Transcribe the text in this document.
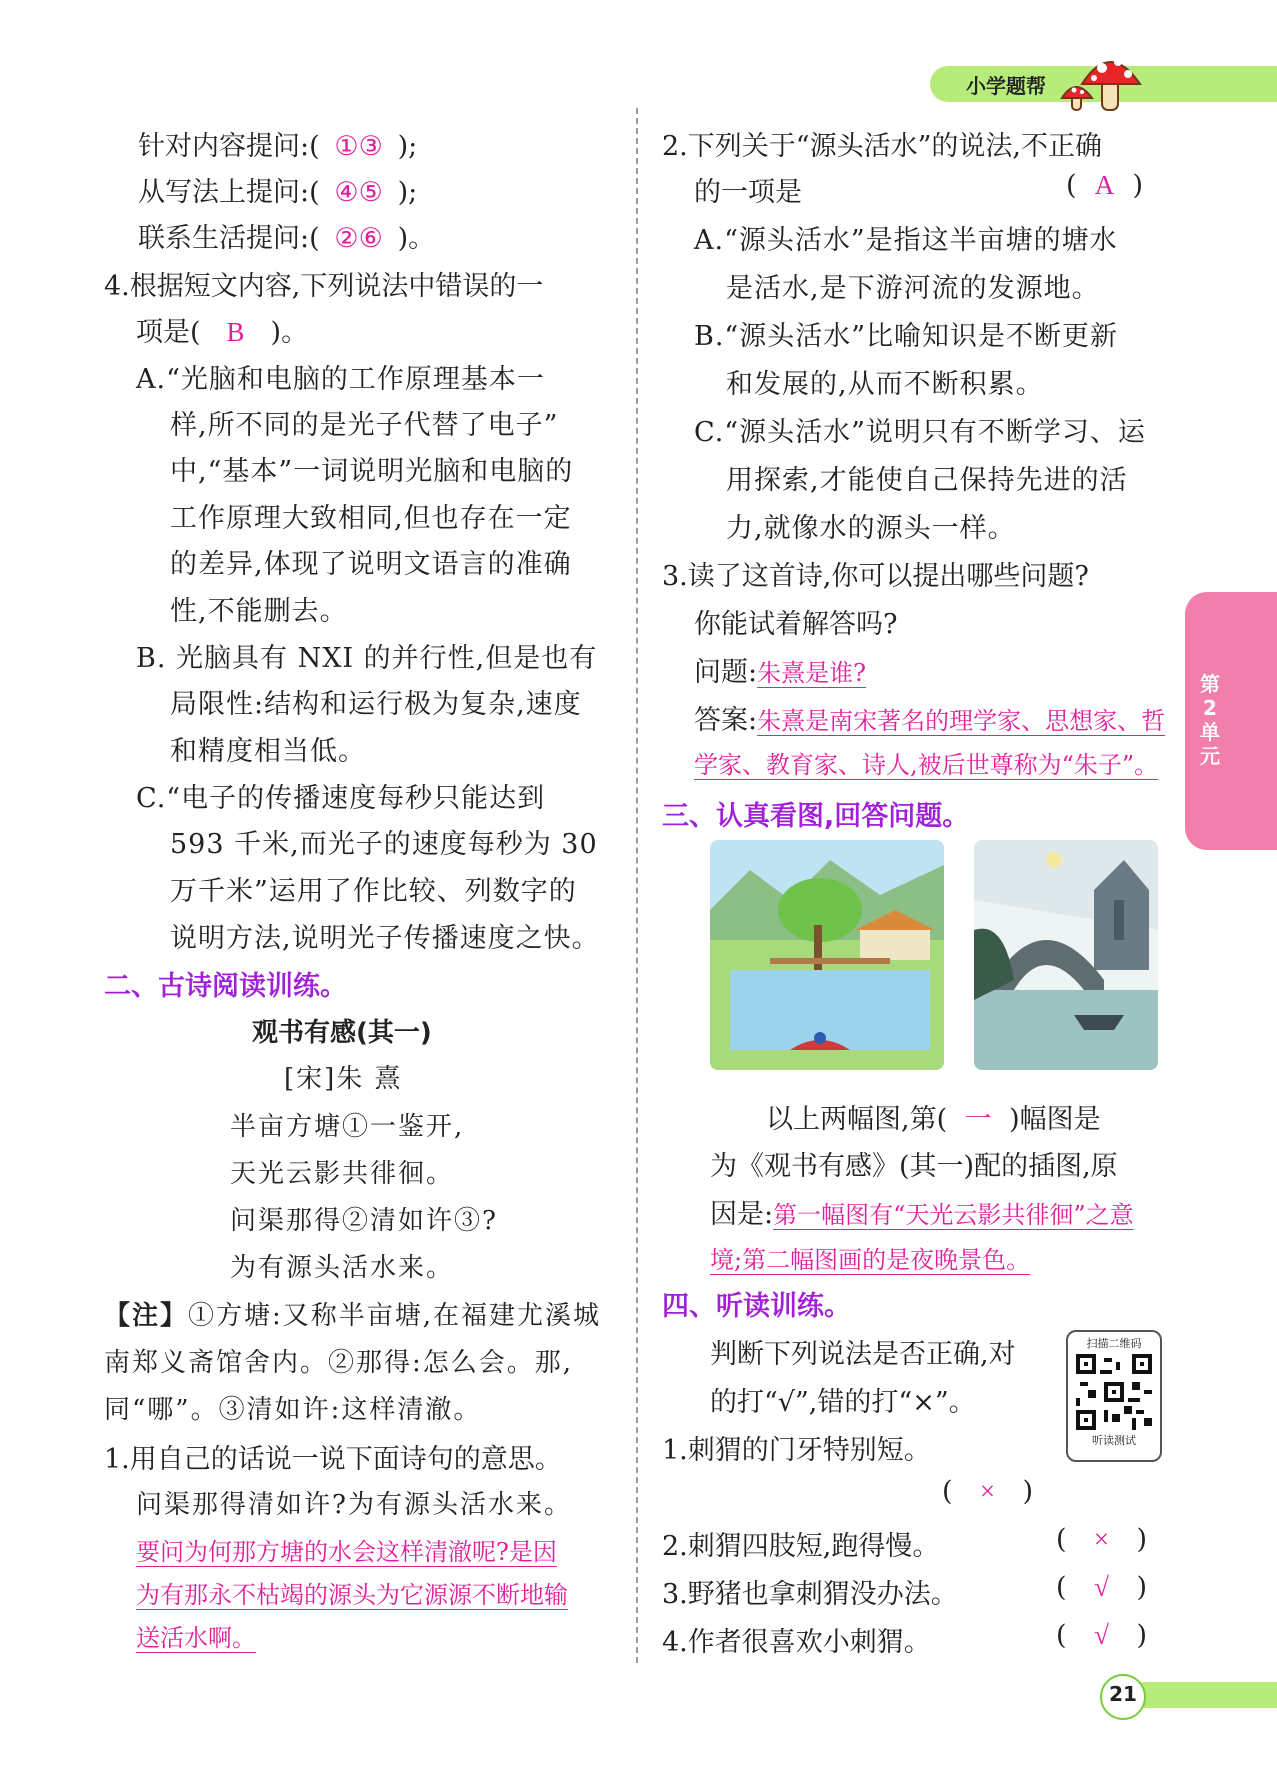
小学题帮
第
2
单
元
针对内容提问:( ①③ );
从写法上提问:( ④⑤ );
联系生活提问:( ②⑥ )。
4.根据短文内容,下列说法中错误的一
项是( B )。
A.“光脑和电脑的工作原理基本一
样,所不同的是光子代替了电子”
中,“基本”一词说明光脑和电脑的
工作原理大致相同,但也存在一定
的差异,体现了说明文语言的准确
性,不能删去。
B. 光脑具有 NXI 的并行性,但是也有
局限性:结构和运行极为复杂,速度
和精度相当低。
C.“电子的传播速度每秒只能达到
593 千米,而光子的速度每秒为 30
万千米”运用了作比较、列数字的
说明方法,说明光子传播速度之快。
二、古诗阅读训练。
观书有感(其一)
[宋]朱 熹
半亩方塘①一鉴开,
天光云影共徘徊。
问渠那得②清如许③?
为有源头活水来。
【注】①方塘:又称半亩塘,在福建尤溪城
南郑义斋馆舍内。②那得:怎么会。那,
同“哪”。③清如许:这样清澈。
1.用自己的话说一说下面诗句的意思。
问渠那得清如许?为有源头活水来。
要问为何那方塘的水会这样清澈呢?是因
为有那永不枯竭的源头为它源源不断地输
送活水啊。
2.下列关于“源头活水”的说法,不正确
的一项是	( A )
A.“源头活水”是指这半亩塘的塘水
是活水,是下游河流的发源地。
B.“源头活水”比喻知识是不断更新
和发展的,从而不断积累。
C.“源头活水”说明只有不断学习、运
用探索,才能使自己保持先进的活
力,就像水的源头一样。
3.读了这首诗,你可以提出哪些问题?
你能试着解答吗?
问题:朱熹是谁?
答案:朱熹是南宋著名的理学家、思想家、哲
学家、教育家、诗人,被后世尊称为“朱子”。
三、认真看图,回答问题。
以上两幅图,第( 一 )幅图是
为《观书有感》(其一)配的插图,原
因是:第一幅图有“天光云影共徘徊”之意
境;第二幅图画的是夜晚景色。
四、听读训练。
判断下列说法是否正确,对
的打“√”,错的打“×”。
扫描二维码
听读测试
1.刺猬的门牙特别短。
( × )
2.刺猬四肢短,跑得慢。	( × )
3.野猪也拿刺猬没办法。	( √ )
4.作者很喜欢小刺猬。	( √ )
21
